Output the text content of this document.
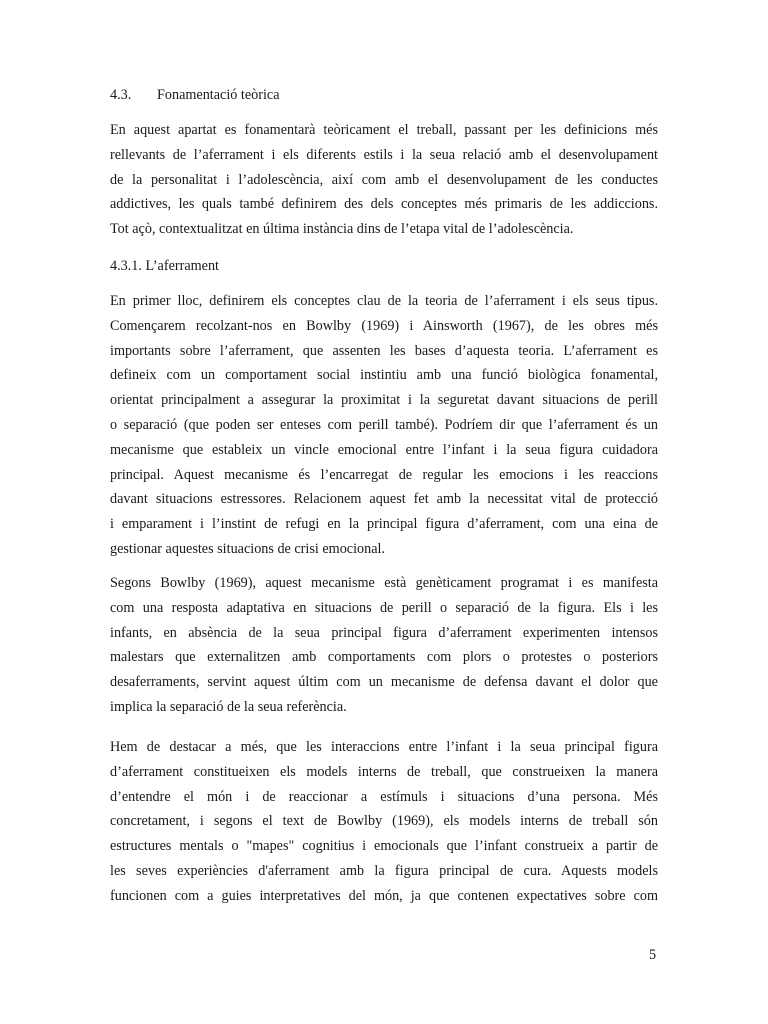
4.3. Fonamentació teòrica
En aquest apartat es fonamentarà teòricament el treball, passant per les definicions més
rellevants de l’aferrament i els diferents estils i la seua relació amb el desenvolupament
de la personalitat i l’adolescència, així com amb el desenvolupament de les conductes
addictives, les quals també definirem des dels conceptes més primaris de les addiccions.
Tot açò, contextualitzat en última instància dins de l’etapa vital de l’adolescència.
4.3.1. L’aferrament
En primer lloc, definirem els conceptes clau de la teoria de l’aferrament i els seus tipus.
Començarem recolzant-nos en Bowlby (1969) i Ainsworth (1967), de les obres més
importants sobre l’aferrament, que assenten les bases d’aquesta teoria. L’aferrament es
defineix com un comportament social instintiu amb una funció biològica fonamental,
orientat principalment a assegurar la proximitat i la seguretat davant situacions de perill
o separació (que poden ser enteses com perill també). Podríem dir que l’aferrament és un
mecanisme que estableix un vincle emocional entre l’infant i la seua figura cuidadora
principal. Aquest mecanisme és l’encarregat de regular les emocions i les reaccions
davant situacions estressores. Relacionem aquest fet amb la necessitat vital de protecció
i emparament i l’instint de refugi en la principal figura d’aferrament, com una eina de
gestionar aquestes situacions de crisi emocional.
Segons Bowlby (1969), aquest mecanisme està genèticament programat i es manifesta
com una resposta adaptativa en situacions de perill o separació de la figura. Els i les
infants, en absència de la seua principal figura d’aferrament experimenten intensos
malestars que externalitzen amb comportaments com plors o protestes o posteriors
desaferraments, servint aquest últim com un mecanisme de defensa davant el dolor que
implica la separació de la seua referència.
Hem de destacar a més, que les interaccions entre l’infant i la seua principal figura
d’aferrament constitueixen els models interns de treball, que construeixen la manera
d’entendre el món i de reaccionar a estímuls i situacions d’una persona. Més
concretament, i segons el text de Bowlby (1969), els models interns de treball són
estructures mentals o "mapes" cognitius i emocionals que l’infant construeix a partir de
les seves experiències d'aferrament amb la figura principal de cura. Aquests models
funcionen com a guies interpretatives del món, ja que contenen expectatives sobre com
5
